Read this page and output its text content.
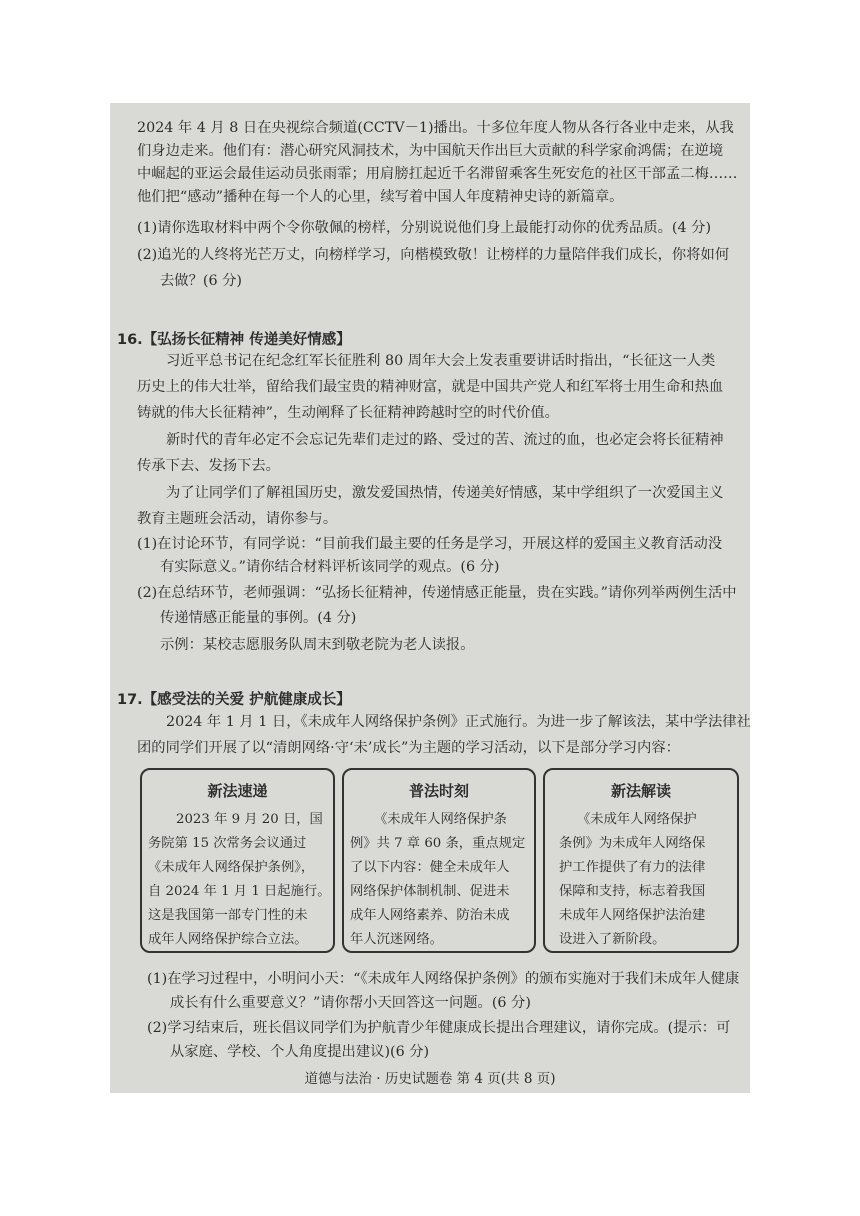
2024 年 4 月 8 日在央视综合频道(CCTV－1)播出。十多位年度人物从各行各业中走来，从我
们身边走来。他们有：潜心研究风洞技术，为中国航天作出巨大贡献的科学家俞鸿儒；在逆境
中崛起的亚运会最佳运动员张雨霏；用肩膀扛起近千名滞留乘客生死安危的社区干部孟二梅……
他们把“感动”播种在每一个人的心里，续写着中国人年度精神史诗的新篇章。
(1)请你选取材料中两个令你敬佩的榜样，分别说说他们身上最能打动你的优秀品质。(4 分)
(2)追光的人终将光芒万丈，向榜样学习，向楷模致敬！让榜样的力量陪伴我们成长，你将如何
去做？(6 分)
16.【弘扬长征精神 传递美好情感】
习近平总书记在纪念红军长征胜利 80 周年大会上发表重要讲话时指出，“长征这一人类
历史上的伟大壮举，留给我们最宝贵的精神财富，就是中国共产党人和红军将士用生命和热血
铸就的伟大长征精神”，生动阐释了长征精神跨越时空的时代价值。
新时代的青年必定不会忘记先辈们走过的路、受过的苦、流过的血，也必定会将长征精神
传承下去、发扬下去。
为了让同学们了解祖国历史，激发爱国热情，传递美好情感，某中学组织了一次爱国主义
教育主题班会活动，请你参与。
(1)在讨论环节，有同学说：“目前我们最主要的任务是学习，开展这样的爱国主义教育活动没
有实际意义。”请你结合材料评析该同学的观点。(6 分)
(2)在总结环节，老师强调：“弘扬长征精神，传递情感正能量，贵在实践。”请你列举两例生活中
传递情感正能量的事例。(4 分)
示例：某校志愿服务队周末到敬老院为老人读报。
17.【感受法的关爱 护航健康成长】
2024 年 1 月 1 日，《未成年人网络保护条例》正式施行。为进一步了解该法，某中学法律社
团的同学们开展了以“清朗网络·守‘未’成长”为主题的学习活动，以下是部分学习内容：
新法速递
2023 年 9 月 20 日，国
务院第 15 次常务会议通过
《未成年人网络保护条例》，
自 2024 年 1 月 1 日起施行。
这是我国第一部专门性的未
成年人网络保护综合立法。
普法时刻
《未成年人网络保护条
例》共 7 章 60 条，重点规定
了以下内容：健全未成年人
网络保护体制机制、促进未
成年人网络素养、防治未成
年人沉迷网络。
新法解读
《未成年人网络保护
条例》为未成年人网络保
护工作提供了有力的法律
保障和支持，标志着我国
未成年人网络保护法治建
设进入了新阶段。
(1)在学习过程中，小明问小天：“《未成年人网络保护条例》的颁布实施对于我们未成年人健康
成长有什么重要意义？”请你帮小天回答这一问题。(6 分)
(2)学习结束后，班长倡议同学们为护航青少年健康成长提出合理建议，请你完成。(提示：可
从家庭、学校、个人角度提出建议)(6 分)
道德与法治 · 历史试题卷 第 4 页(共 8 页)
